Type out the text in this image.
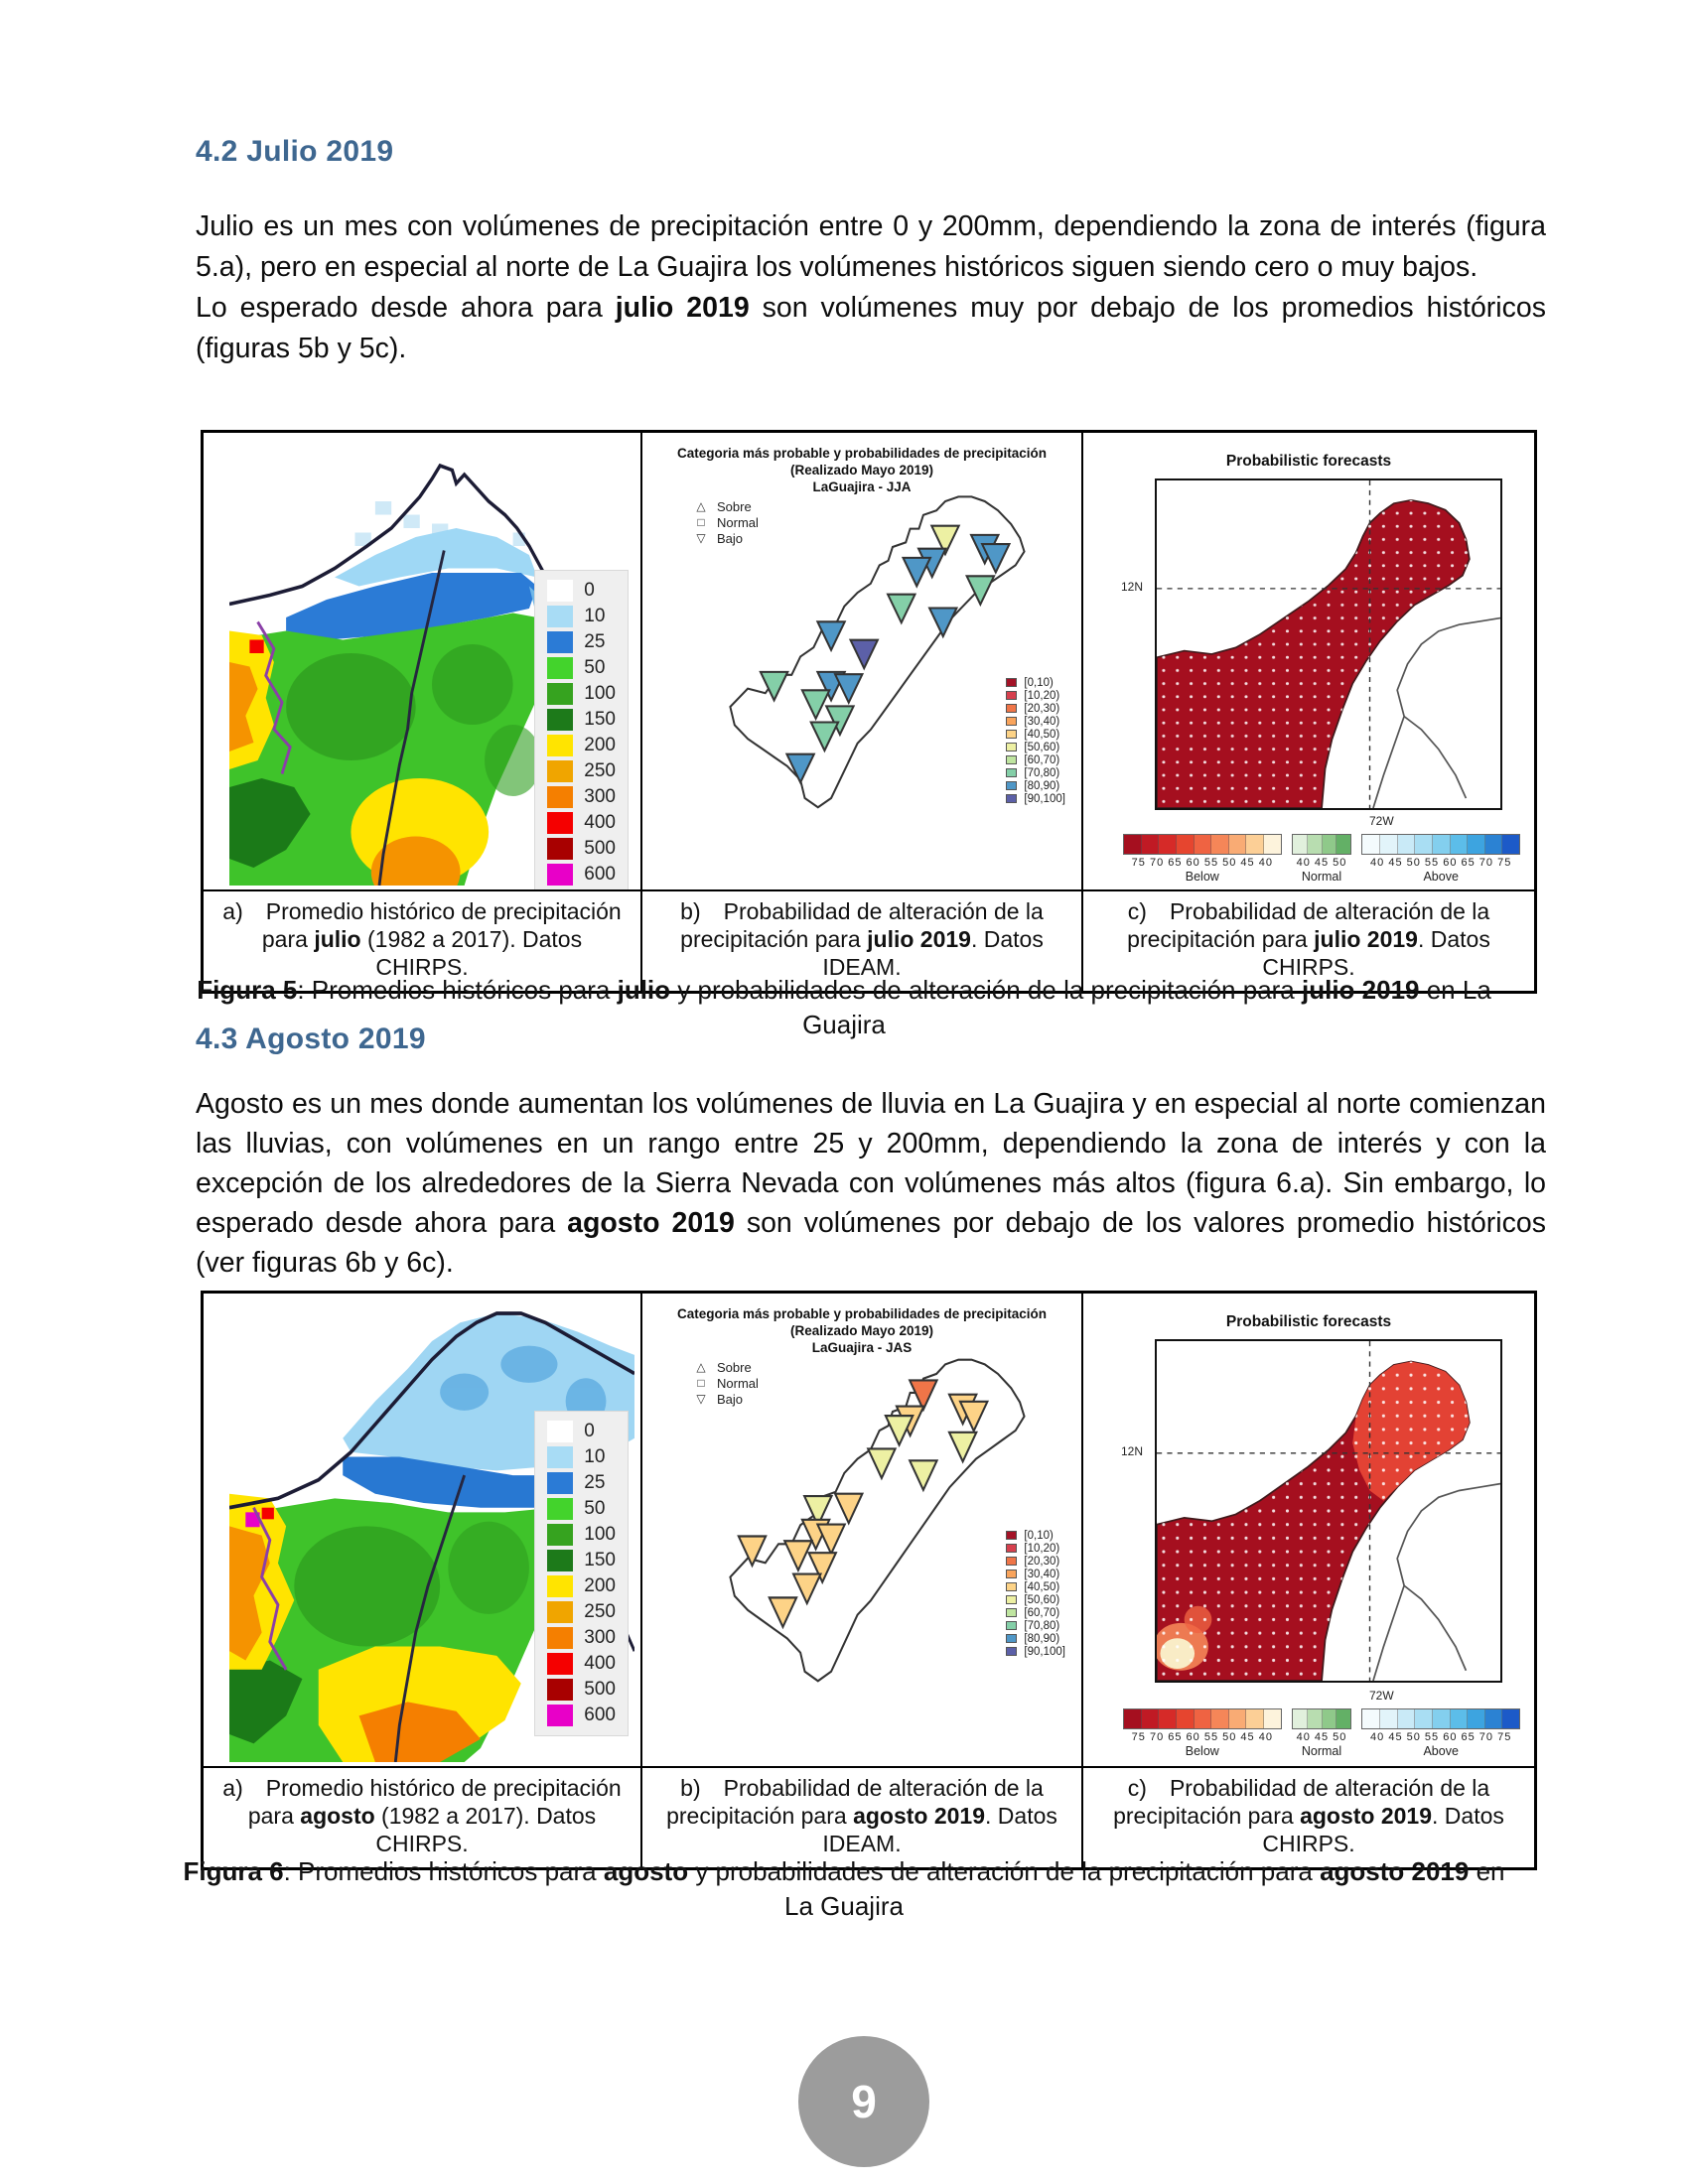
4.2 Julio 2019

Julio es un mes con volúmenes de precipitación entre 0 y 200mm, dependiendo la zona de interés (figura 5.a), pero en especial al norte de La Guajira los volúmenes históricos siguen siendo cero o muy bajos.

Lo esperado desde ahora para julio 2019 son volúmenes muy por debajo de los promedios históricos (figuras 5b y 5c).

0
10
25
50
100
150
200
250
300
400
500
600
Categoria más probable y probabilidades de precipitación
(Realizado Mayo 2019)
LaGuajira - JJA
△ Sobre
□ Normal
▽ Bajo
[0,10)
[10,20)
[20,30)
[30,40)
[40,50)
[50,60)
[60,70)
[70,80)
[80,90)
[90,100]
Probabilistic forecasts
12N
72W
75 70 65 60 55 50 45 40
Below
40 45 50
Normal
40 45 50 55 60 65 70 75
Above
a) Promedio histórico de precipitación para julio (1982 a 2017). Datos CHIRPS.
b) Probabilidad de alteración de la precipitación para julio 2019. Datos IDEAM.
c) Probabilidad de alteración de la precipitación para julio 2019. Datos CHIRPS.
Figura 5: Promedios históricos para julio y probabilidades de alteración de la precipitación para julio 2019 en La Guajira
4.3 Agosto 2019

Agosto es un mes donde aumentan los volúmenes de lluvia en La Guajira y en especial al norte comienzan las lluvias, con volúmenes en un rango entre 25 y 200mm, dependiendo la zona de interés y con la excepción de los alrededores de la Sierra Nevada con volúmenes más altos (figura 6.a). Sin embargo, lo esperado desde ahora para agosto 2019 son volúmenes por debajo de los valores promedio históricos (ver figuras 6b y 6c).

0
10
25
50
100
150
200
250
300
400
500
600
Categoria más probable y probabilidades de precipitación
(Realizado Mayo 2019)
LaGuajira - JAS
△ Sobre
□ Normal
▽ Bajo
[0,10)
[10,20)
[20,30)
[30,40)
[40,50)
[50,60)
[60,70)
[70,80)
[80,90)
[90,100]
Probabilistic forecasts
12N
72W
75 70 65 60 55 50 45 40
Below
40 45 50
Normal
40 45 50 55 60 65 70 75
Above
a) Promedio histórico de precipitación para agosto (1982 a 2017). Datos CHIRPS.
b) Probabilidad de alteración de la precipitación para agosto 2019. Datos IDEAM.
c) Probabilidad de alteración de la precipitación para agosto 2019. Datos CHIRPS.
Figura 6: Promedios históricos para agosto y probabilidades de alteración de la precipitación para agosto 2019 en La Guajira
9
